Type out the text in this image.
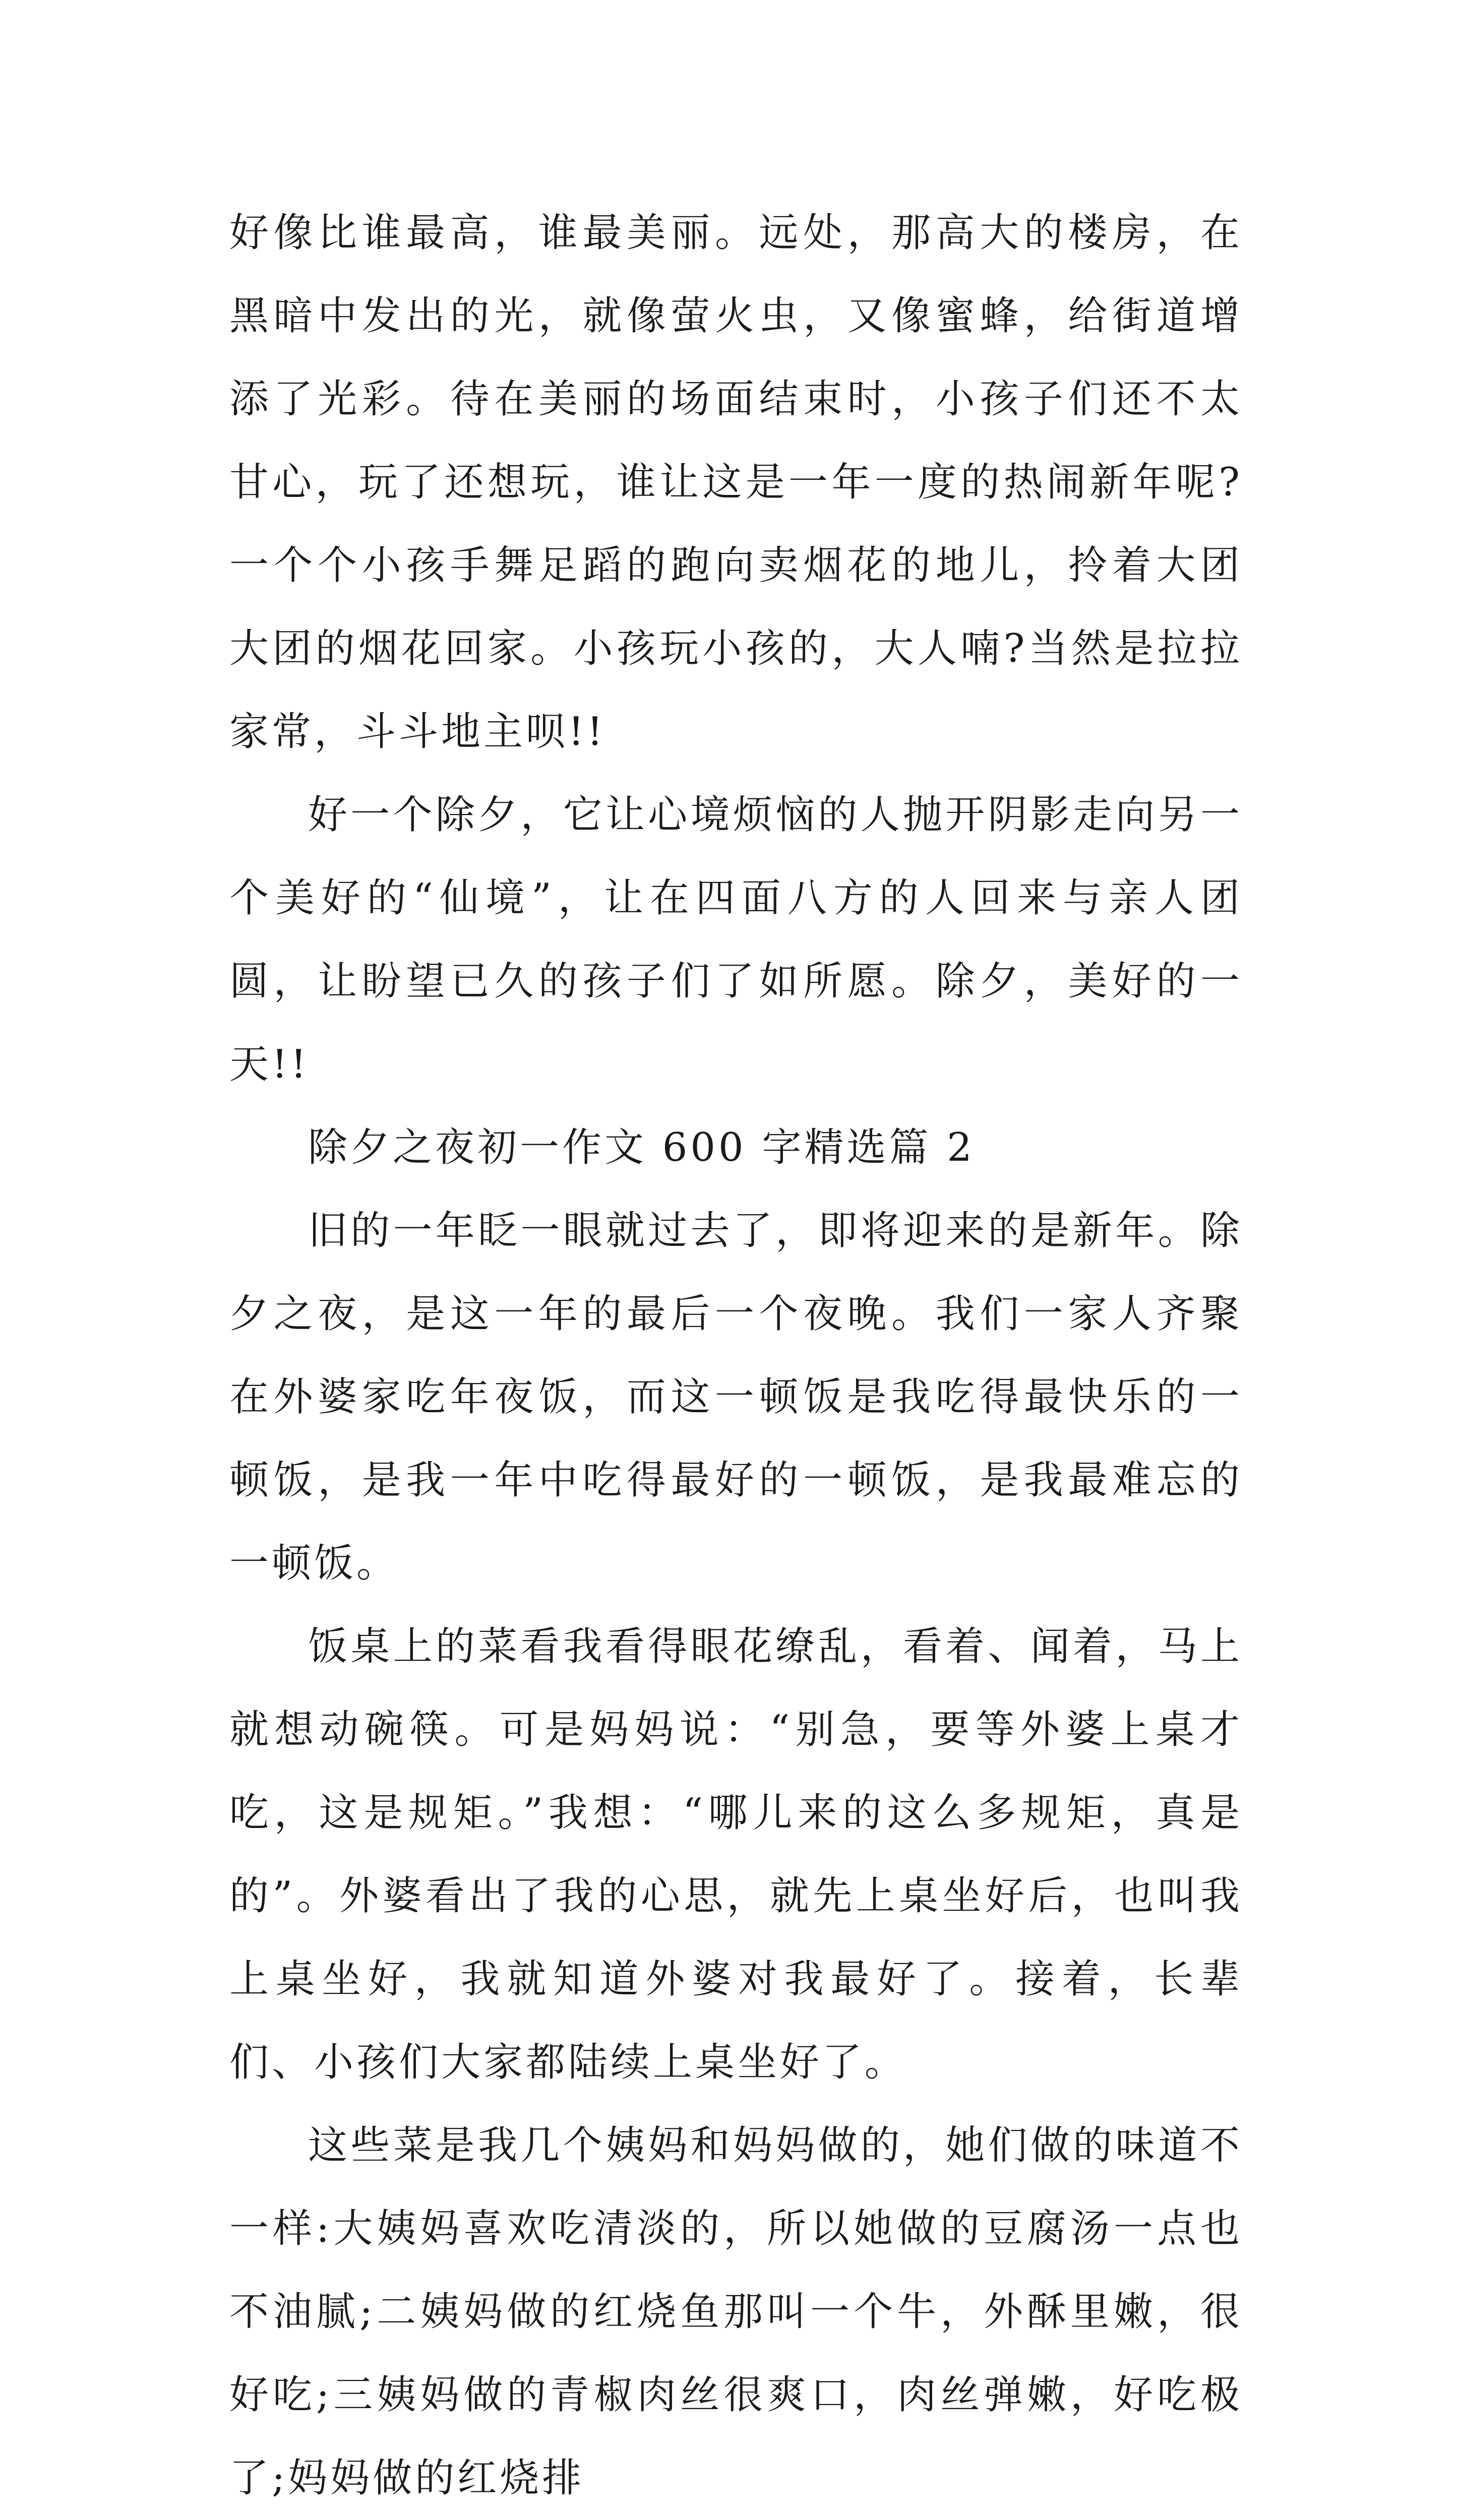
好像比谁最高，谁最美丽。远处，那高大的楼房，在黑暗中发出的光，就像萤火虫，又像蜜蜂，给街道增添了光彩。待在美丽的场面结束时，小孩子们还不太甘心，玩了还想玩，谁让这是一年一度的热闹新年呢?一个个小孩手舞足蹈的跑向卖烟花的地儿，拎着大团大团的烟花回家。小孩玩小孩的，大人喃?当然是拉拉家常，斗斗地主呗!!

好一个除夕，它让心境烦恼的人抛开阴影走向另一个美好的“仙境”，让在四面八方的人回来与亲人团圆，让盼望已久的孩子们了如所愿。除夕，美好的一天!!

除夕之夜初一作文 600 字精选篇 2

旧的一年眨一眼就过去了，即将迎来的是新年。除夕之夜，是这一年的最后一个夜晚。我们一家人齐聚在外婆家吃年夜饭，而这一顿饭是我吃得最快乐的一顿饭，是我一年中吃得最好的一顿饭，是我最难忘的一顿饭。

饭桌上的菜看我看得眼花缭乱，看着、闻着，马上就想动碗筷。可是妈妈说：“别急，要等外婆上桌才吃，这是规矩。”我想：“哪儿来的这么多规矩，真是的”。外婆看出了我的心思，就先上桌坐好后，也叫我上桌坐好，我就知道外婆对我最好了。接着，长辈们、小孩们大家都陆续上桌坐好了。

这些菜是我几个姨妈和妈妈做的，她们做的味道不一样:大姨妈喜欢吃清淡的，所以她做的豆腐汤一点也不油腻;二姨妈做的红烧鱼那叫一个牛，外酥里嫩，很好吃;三姨妈做的青椒肉丝很爽口，肉丝弹嫩，好吃极了;妈妈做的红烧排
